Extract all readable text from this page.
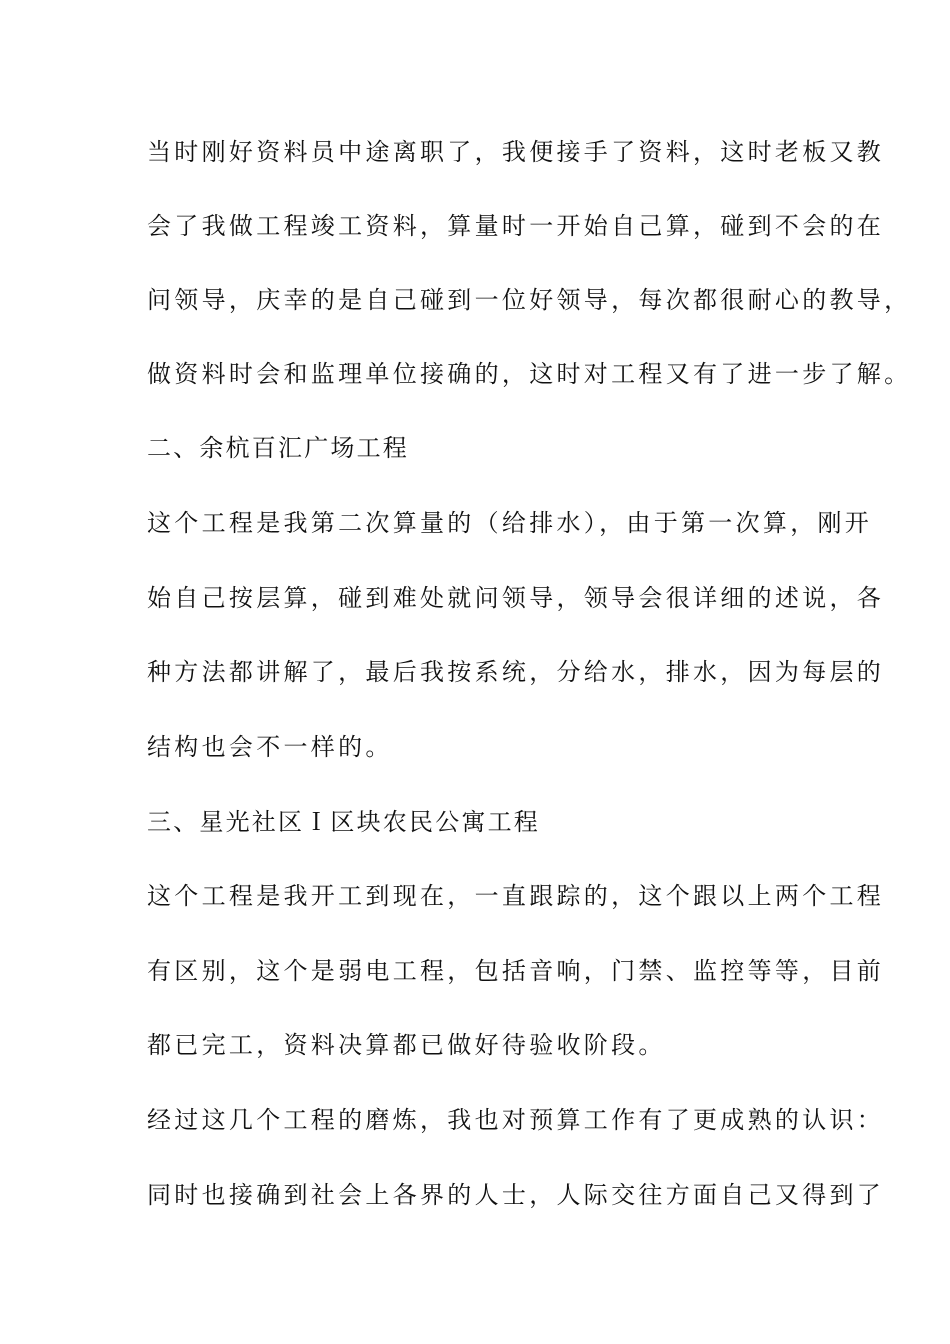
当时刚好资料员中途离职了，我便接手了资料，这时老板又教

会了我做工程竣工资料，算量时一开始自己算，碰到不会的在

问领导，庆幸的是自己碰到一位好领导，每次都很耐心的教导，

做资料时会和监理单位接确的，这时对工程又有了进一步了解。

二、余杭百汇广场工程

这个工程是我第二次算量的（给排水），由于第一次算，刚开

始自己按层算，碰到难处就问领导，领导会很详细的述说，各

种方法都讲解了，最后我按系统，分给水，排水，因为每层的

结构也会不一样的。

三、星光社区Ｉ区块农民公寓工程

这个工程是我开工到现在，一直跟踪的，这个跟以上两个工程

有区别，这个是弱电工程，包括音响，门禁、监控等等，目前

都已完工，资料决算都已做好待验收阶段。

经过这几个工程的磨炼，我也对预算工作有了更成熟的认识：

同时也接确到社会上各界的人士，人际交往方面自己又得到了
